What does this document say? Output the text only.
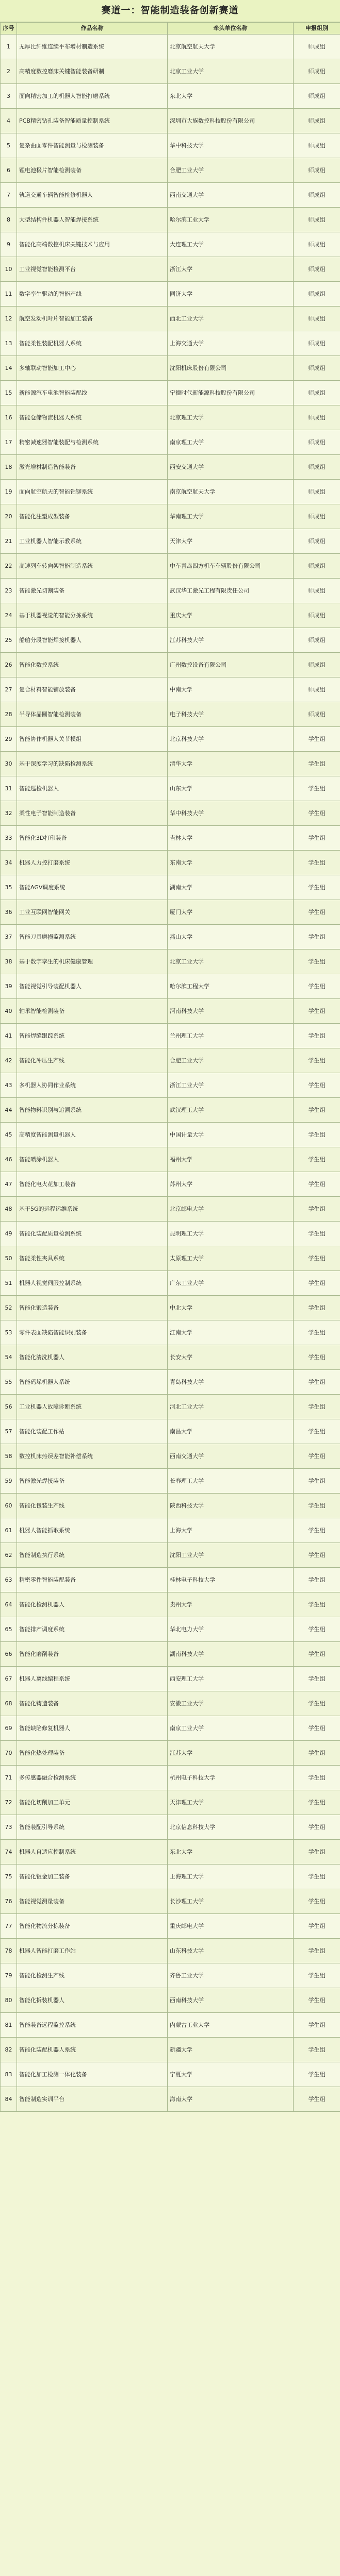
赛道一：智能制造装备创新赛道
序号	作品名称	牵头单位名称	申报组别
1	无厚比纤维连续平布增材制造系统	北京航空航天大学	师成组
2	高精度数控磨床关键智能装备研制	北京工业大学	师成组
3	面向精密加工的机器人智能打磨系统	东北大学	师成组
4	PCB精密钻孔装备智能质量控制系统	深圳市大族数控科技股份有限公司	师成组
5	复杂曲面零件智能测量与检测装备	华中科技大学	师成组
6	锂电池极片智能检测装备	合肥工业大学	师成组
7	轨道交通车辆智能检修机器人	西南交通大学	师成组
8	大型结构件机器人智能焊接系统	哈尔滨工业大学	师成组
9	智能化高端数控机床关键技术与应用	大连理工大学	师成组
10	工业视觉智能检测平台	浙江大学	师成组
11	数字孪生驱动的智能产线	同济大学	师成组
12	航空发动机叶片智能加工装备	西北工业大学	师成组
13	智能柔性装配机器人系统	上海交通大学	师成组
14	多轴联动智能加工中心	沈阳机床股份有限公司	师成组
15	新能源汽车电池智能装配线	宁德时代新能源科技股份有限公司	师成组
16	智能仓储物流机器人系统	北京理工大学	师成组
17	精密减速器智能装配与检测系统	南京理工大学	师成组
18	激光增材制造智能装备	西安交通大学	师成组
19	面向航空航天的智能钻铆系统	南京航空航天大学	师成组
20	智能化注塑成型装备	华南理工大学	师成组
21	工业机器人智能示教系统	天津大学	师成组
22	高速列车转向架智能制造系统	中车青岛四方机车车辆股份有限公司	师成组
23	智能激光切割装备	武汉华工激光工程有限责任公司	师成组
24	基于机器视觉的智能分拣系统	重庆大学	师成组
25	船舶分段智能焊接机器人	江苏科技大学	师成组
26	智能化数控系统	广州数控设备有限公司	师成组
27	复合材料智能铺放装备	中南大学	师成组
28	半导体晶圆智能检测装备	电子科技大学	师成组
29	智能协作机器人关节模组	北京科技大学	学生组
30	基于深度学习的缺陷检测系统	清华大学	学生组
31	智能巡检机器人	山东大学	学生组
32	柔性电子智能制造装备	华中科技大学	学生组
33	智能化3D打印装备	吉林大学	学生组
34	机器人力控打磨系统	东南大学	学生组
35	智能AGV调度系统	湖南大学	学生组
36	工业互联网智能网关	厦门大学	学生组
37	智能刀具磨损监测系统	燕山大学	学生组
38	基于数字孪生的机床健康管理	北京工业大学	学生组
39	智能视觉引导装配机器人	哈尔滨工程大学	学生组
40	轴承智能检测装备	河南科技大学	学生组
41	智能焊缝跟踪系统	兰州理工大学	学生组
42	智能化冲压生产线	合肥工业大学	学生组
43	多机器人协同作业系统	浙江工业大学	学生组
44	智能物料识别与追溯系统	武汉理工大学	学生组
45	高精度智能测量机器人	中国计量大学	学生组
46	智能喷涂机器人	福州大学	学生组
47	智能化电火花加工装备	苏州大学	学生组
48	基于5G的远程运维系统	北京邮电大学	学生组
49	智能化装配质量检测系统	昆明理工大学	学生组
50	智能柔性夹具系统	太原理工大学	学生组
51	机器人视觉伺服控制系统	广东工业大学	学生组
52	智能化锻造装备	中北大学	学生组
53	零件表面缺陷智能识别装备	江南大学	学生组
54	智能化清洗机器人	长安大学	学生组
55	智能码垛机器人系统	青岛科技大学	学生组
56	工业机器人故障诊断系统	河北工业大学	学生组
57	智能化装配工作站	南昌大学	学生组
58	数控机床热误差智能补偿系统	西南交通大学	学生组
59	智能激光焊接装备	长春理工大学	学生组
60	智能化包装生产线	陕西科技大学	学生组
61	机器人智能抓取系统	上海大学	学生组
62	智能制造执行系统	沈阳工业大学	学生组
63	精密零件智能装配装备	桂林电子科技大学	学生组
64	智能化检测机器人	贵州大学	学生组
65	智能排产调度系统	华北电力大学	学生组
66	智能化磨削装备	湖南科技大学	学生组
67	机器人离线编程系统	西安理工大学	学生组
68	智能化铸造装备	安徽工业大学	学生组
69	智能缺陷修复机器人	南京工业大学	学生组
70	智能化热处理装备	江苏大学	学生组
71	多传感器融合检测系统	杭州电子科技大学	学生组
72	智能化切削加工单元	天津理工大学	学生组
73	智能装配引导系统	北京信息科技大学	学生组
74	机器人自适应控制系统	东北大学	学生组
75	智能化钣金加工装备	上海理工大学	学生组
76	智能视觉测量装备	长沙理工大学	学生组
77	智能化物流分拣装备	重庆邮电大学	学生组
78	机器人智能打磨工作站	山东科技大学	学生组
79	智能化检测生产线	齐鲁工业大学	学生组
80	智能化拆装机器人	西南科技大学	学生组
81	智能装备远程监控系统	内蒙古工业大学	学生组
82	智能化装配机器人系统	新疆大学	学生组
83	智能化加工检测一体化装备	宁夏大学	学生组
84	智能制造实训平台	海南大学	学生组
